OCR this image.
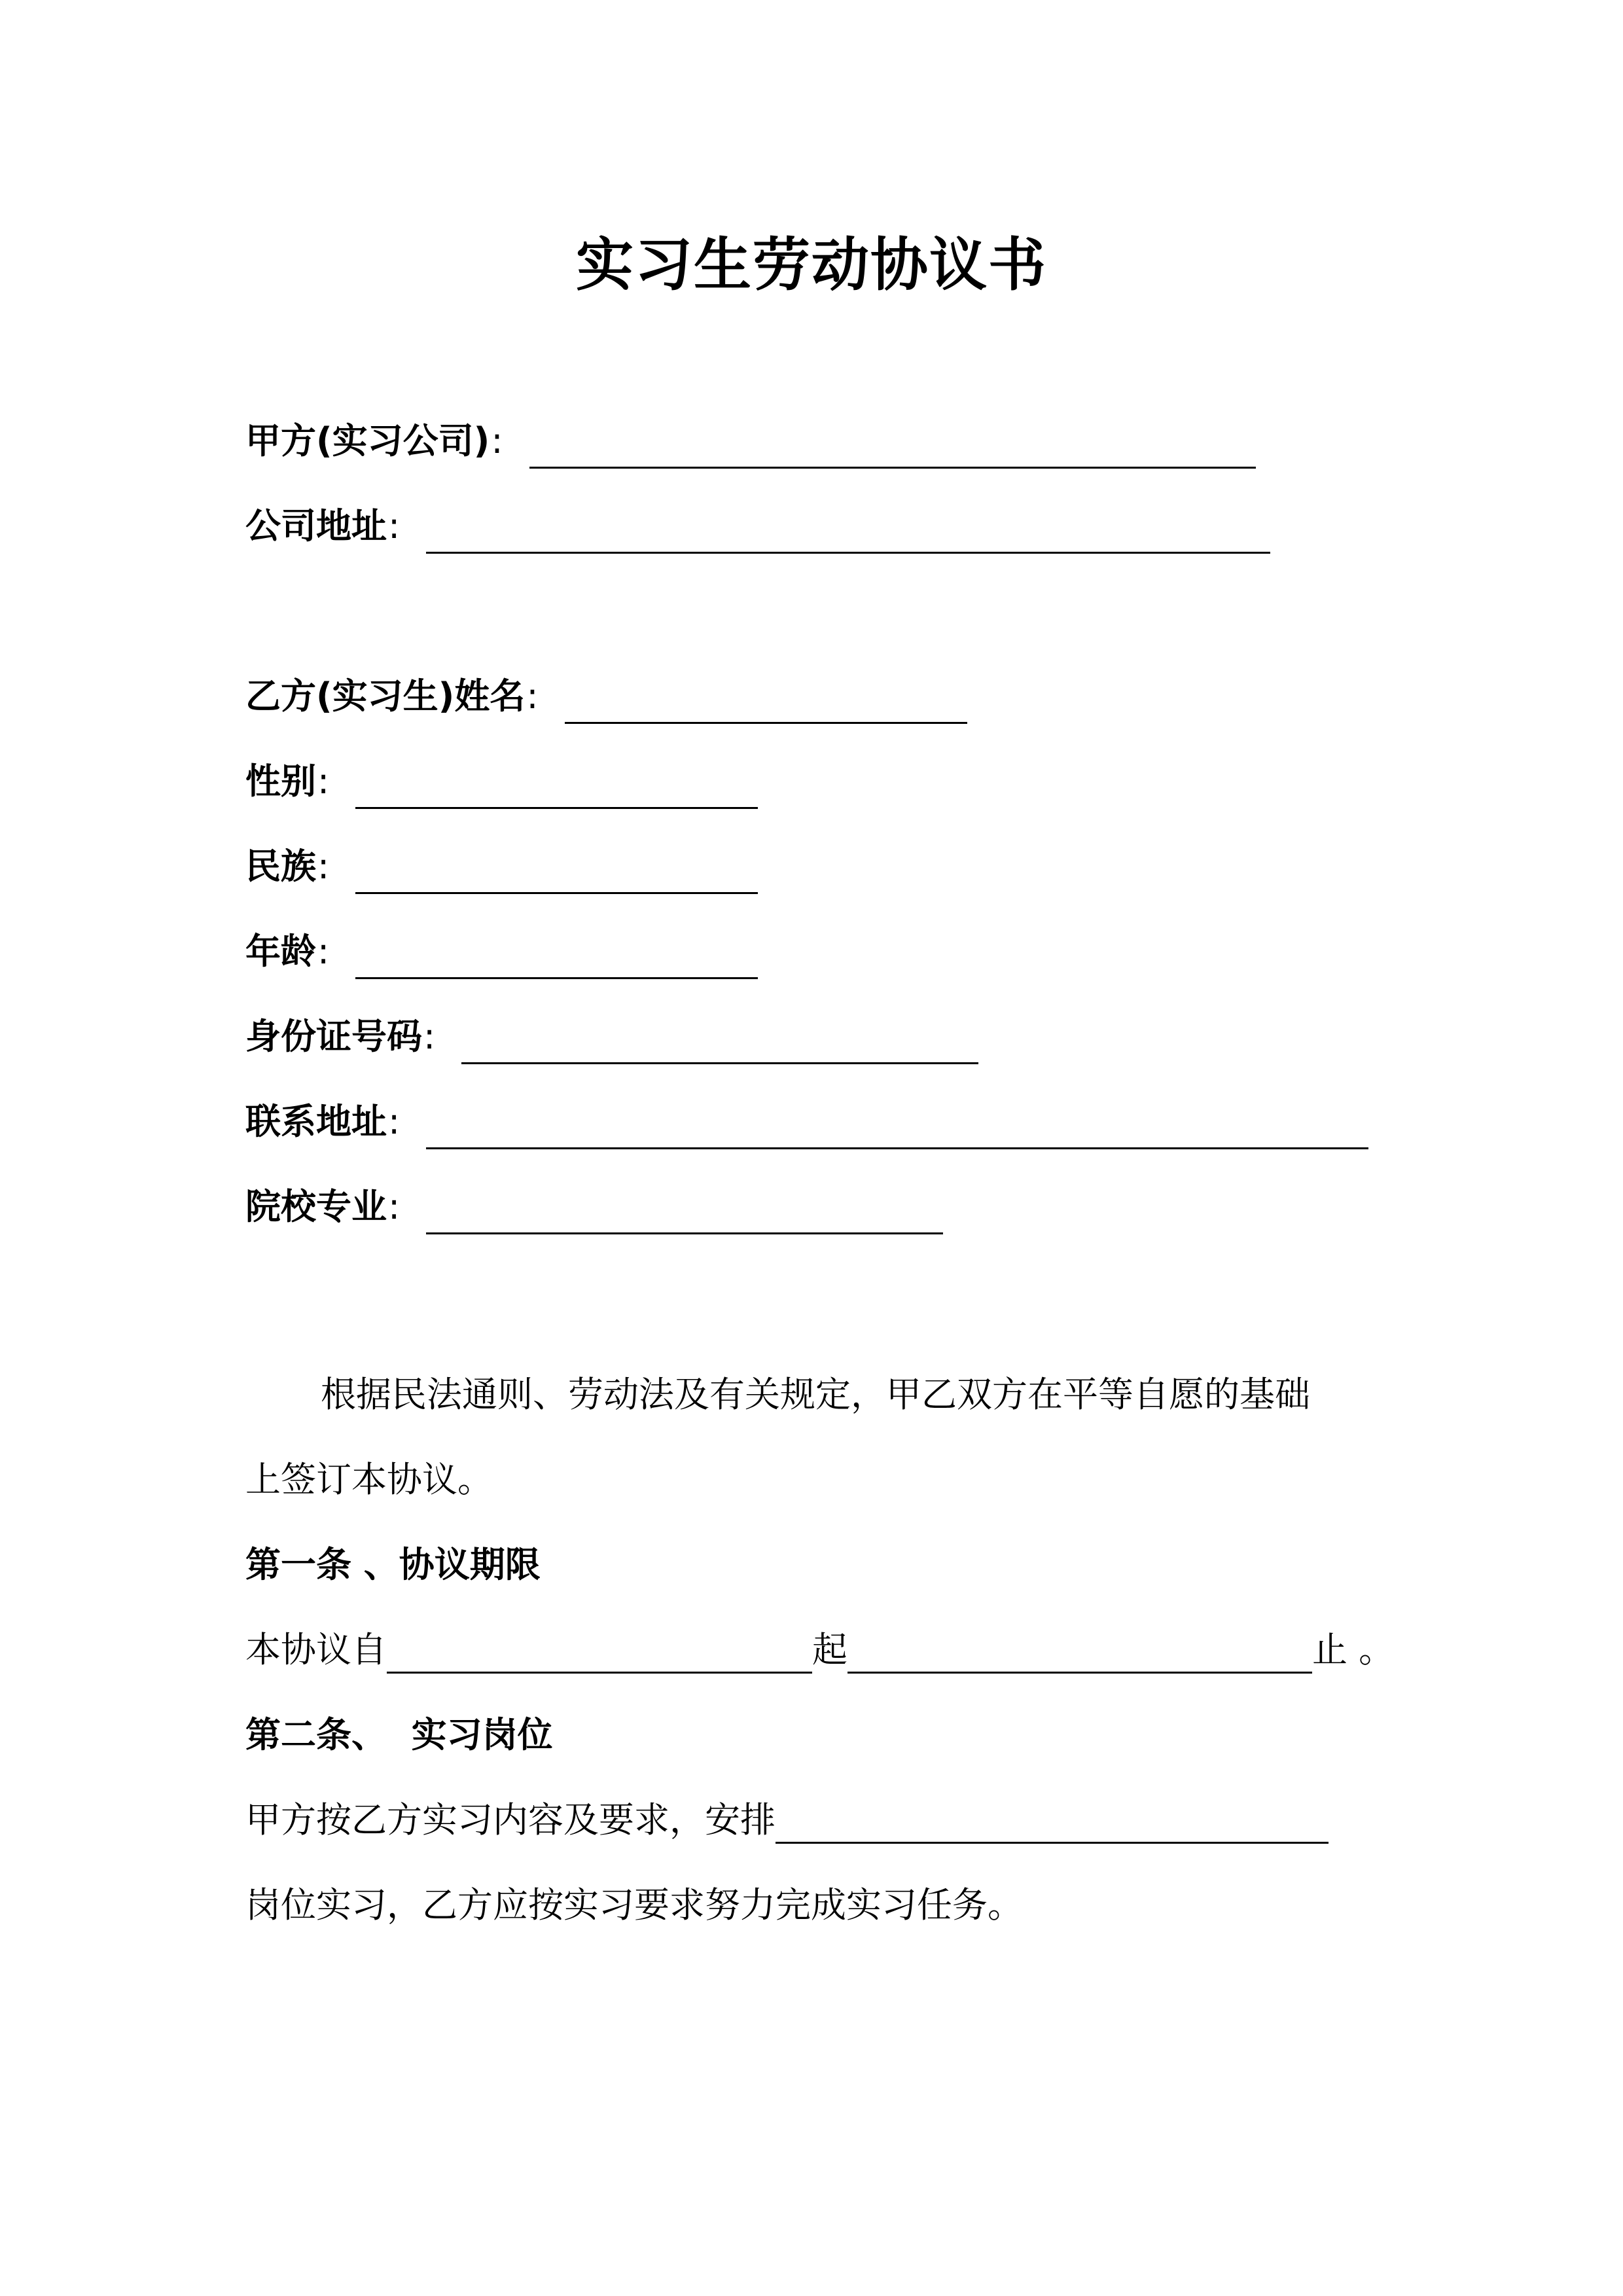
实习生劳动协议书
甲方(实习公司) :
公司地址 :
乙方(实习生)姓名 :
性别 :
民族 :
年龄 :
身份证号码 :
联系地址 :
院校专业 :
根据民法通则、劳动法及有关规定，甲乙双方在平等自愿的基础
上签订本协议。
第一条 、协议期限
本协议自	起	止 。
第二条、  实习岗位
甲方按乙方实习内容及要求，安排
岗位实习，乙方应按实习要求努力完成实习任务。
